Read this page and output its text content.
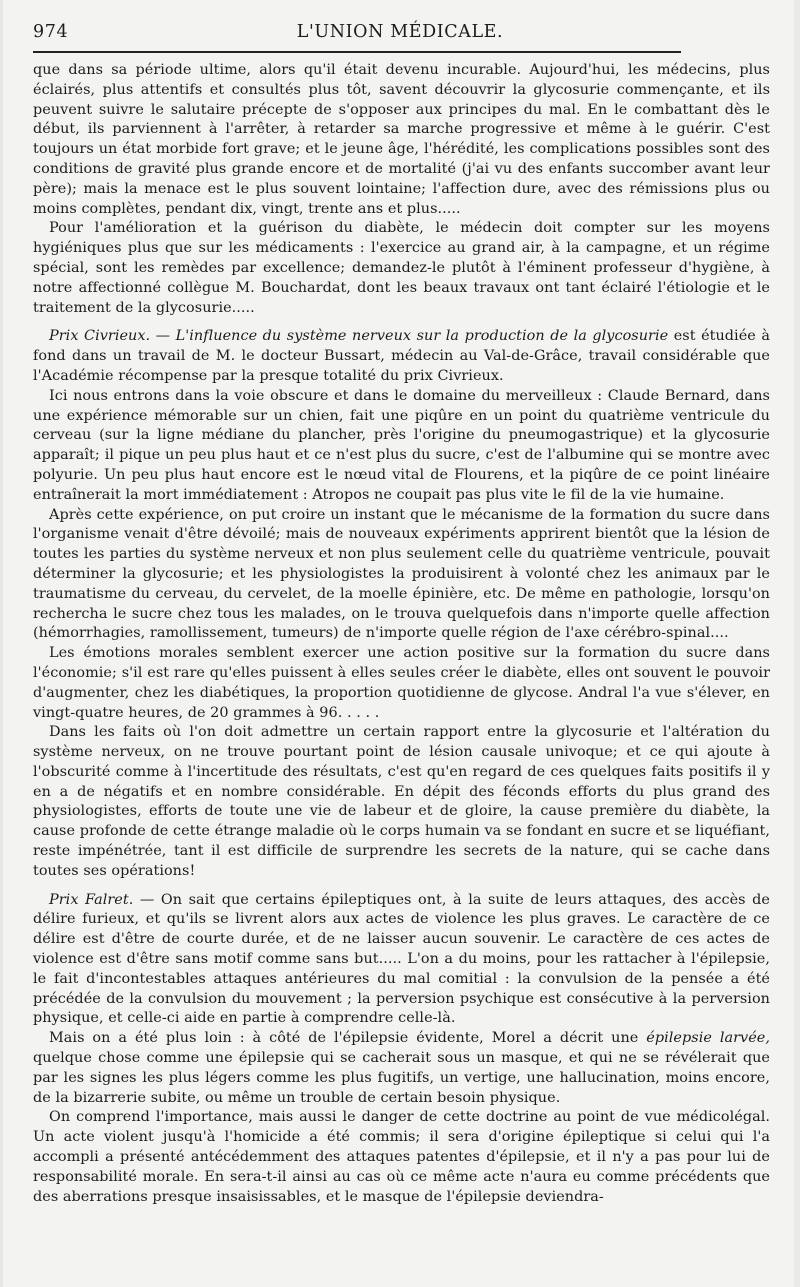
974	L'UNION MÉDICALE.

que dans sa période ultime, alors qu'il était devenu incurable. Aujourd'hui, les médecins, plus éclairés, plus attentifs et consultés plus tôt, savent découvrir la glycosurie commençante, et ils peuvent suivre le salutaire précepte de s'opposer aux principes du mal. En le combattant dès le début, ils parviennent à l'arrêter, à retarder sa marche progressive et même à le guérir. C'est toujours un état morbide fort grave; et le jeune âge, l'hérédité, les complications possibles sont des conditions de gravité plus grande encore et de mortalité (j'ai vu des enfants succomber avant leur père); mais la menace est le plus souvent lointaine; l'affection dure, avec des rémissions plus ou moins complètes, pendant dix, vingt, trente ans et plus.....

Pour l'amélioration et la guérison du diabète, le médecin doit compter sur les moyens hygiéniques plus que sur les médicaments : l'exercice au grand air, à la campagne, et un régime spécial, sont les remèdes par excellence; demandez-le plutôt à l'éminent professeur d'hygiène, à notre affectionné collègue M. Bouchardat, dont les beaux travaux ont tant éclairé l'étiologie et le traitement de la glycosurie.....

Prix Civrieux. — L'influence du système nerveux sur la production de la glycosurie est étudiée à fond dans un travail de M. le docteur Bussart, médecin au Val-de-Grâce, travail considérable que l'Académie récompense par la presque totalité du prix Civrieux.

Ici nous entrons dans la voie obscure et dans le domaine du merveilleux : Claude Bernard, dans une expérience mémorable sur un chien, fait une piqûre en un point du quatrième ventricule du cerveau (sur la ligne médiane du plancher, près l'origine du pneumogastrique) et la glycosurie apparaît; il pique un peu plus haut et ce n'est plus du sucre, c'est de l'albumine qui se montre avec polyurie. Un peu plus haut encore est le nœud vital de Flourens, et la piqûre de ce point linéaire entraînerait la mort immédiatement : Atropos ne coupait pas plus vite le fil de la vie humaine.

Après cette expérience, on put croire un instant que le mécanisme de la formation du sucre dans l'organisme venait d'être dévoilé; mais de nouveaux expériments apprirent bientôt que la lésion de toutes les parties du système nerveux et non plus seulement celle du quatrième ventricule, pouvait déterminer la glycosurie; et les physiologistes la produisirent à volonté chez les animaux par le traumatisme du cerveau, du cervelet, de la moelle épinière, etc. De même en pathologie, lorsqu'on rechercha le sucre chez tous les malades, on le trouva quelquefois dans n'importe quelle affection (hémorrhagies, ramollissement, tumeurs) de n'importe quelle région de l'axe cérébro-spinal....

Les émotions morales semblent exercer une action positive sur la formation du sucre dans l'économie; s'il est rare qu'elles puissent à elles seules créer le diabète, elles ont souvent le pouvoir d'augmenter, chez les diabétiques, la proportion quotidienne de glycose. Andral l'a vue s'élever, en vingt-quatre heures, de 20 grammes à 96. . . . .

Dans les faits où l'on doit admettre un certain rapport entre la glycosurie et l'altération du système nerveux, on ne trouve pourtant point de lésion causale univoque; et ce qui ajoute à l'obscurité comme à l'incertitude des résultats, c'est qu'en regard de ces quelques faits positifs il y en a de négatifs et en nombre considérable. En dépit des féconds efforts du plus grand des physiologistes, efforts de toute une vie de labeur et de gloire, la cause première du diabète, la cause profonde de cette étrange maladie où le corps humain va se fondant en sucre et se liquéfiant, reste impénétrée, tant il est difficile de surprendre les secrets de la nature, qui se cache dans toutes ses opérations!

Prix Falret. — On sait que certains épileptiques ont, à la suite de leurs attaques, des accès de délire furieux, et qu'ils se livrent alors aux actes de violence les plus graves. Le caractère de ce délire est d'être de courte durée, et de ne laisser aucun souvenir. Le caractère de ces actes de violence est d'être sans motif comme sans but..... L'on a du moins, pour les rattacher à l'épilepsie, le fait d'incontestables attaques antérieures du mal comitial : la convulsion de la pensée a été précédée de la convulsion du mouvement ; la perversion psychique est consécutive à la perversion physique, et celle-ci aide en partie à comprendre celle-là.

Mais on a été plus loin : à côté de l'épilepsie évidente, Morel a décrit une épilepsie larvée, quelque chose comme une épilepsie qui se cacherait sous un masque, et qui ne se révélerait que par les signes les plus légers comme les plus fugitifs, un vertige, une hallucination, moins encore, de la bizarrerie subite, ou même un trouble de certain besoin physique.

On comprend l'importance, mais aussi le danger de cette doctrine au point de vue médicolégal. Un acte violent jusqu'à l'homicide a été commis; il sera d'origine épileptique si celui qui l'a accompli a présenté antécédemment des attaques patentes d'épilepsie, et il n'y a pas pour lui de responsabilité morale. En sera-t-il ainsi au cas où ce même acte n'aura eu comme précédents que des aberrations presque insaisissables, et le masque de l'épilepsie deviendra-
